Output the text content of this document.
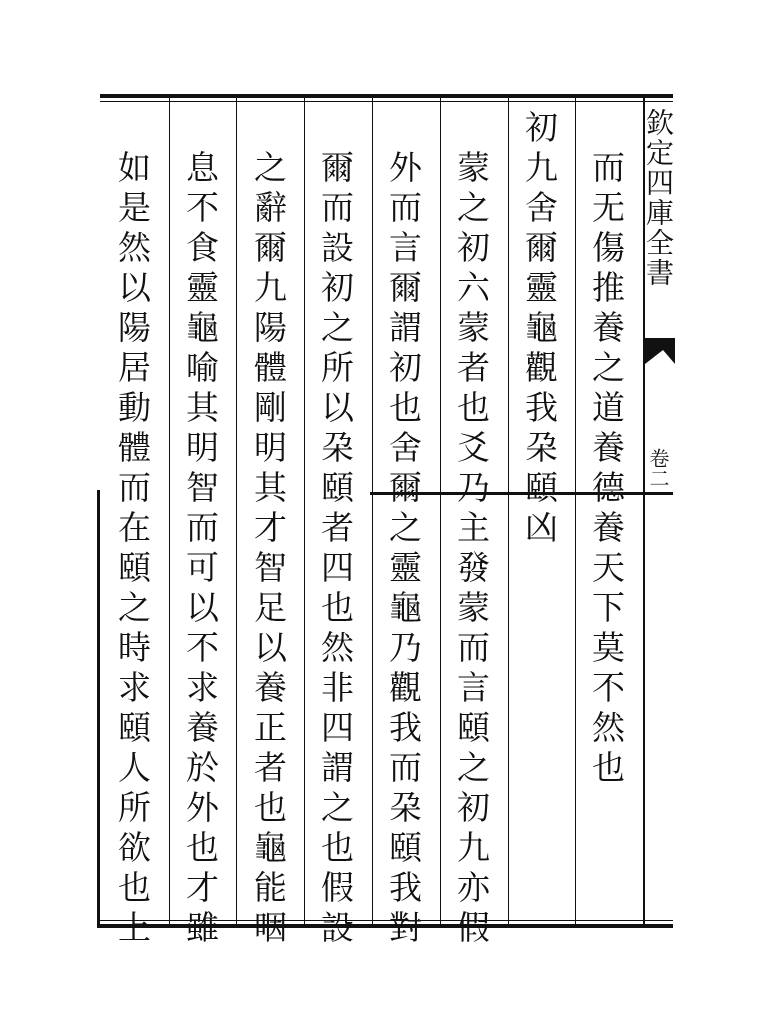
欽定四庫全書
卷二
而无傷推養之道養德養天下莫不然也
初九舍爾靈龜觀我朶頤凶
蒙之初六蒙者也爻乃主發蒙而言頤之初九亦假
外而言爾謂初也舍爾之靈龜乃觀我而朶頤我對
爾而設初之所以朶頤者四也然非四謂之也假設
之辭爾九陽體剛明其才智足以養正者也龜能咽
息不食靈龜喻其明智而可以不求養於外也才雖
如是然以陽居動體而在頤之時求頤人所欲也上
